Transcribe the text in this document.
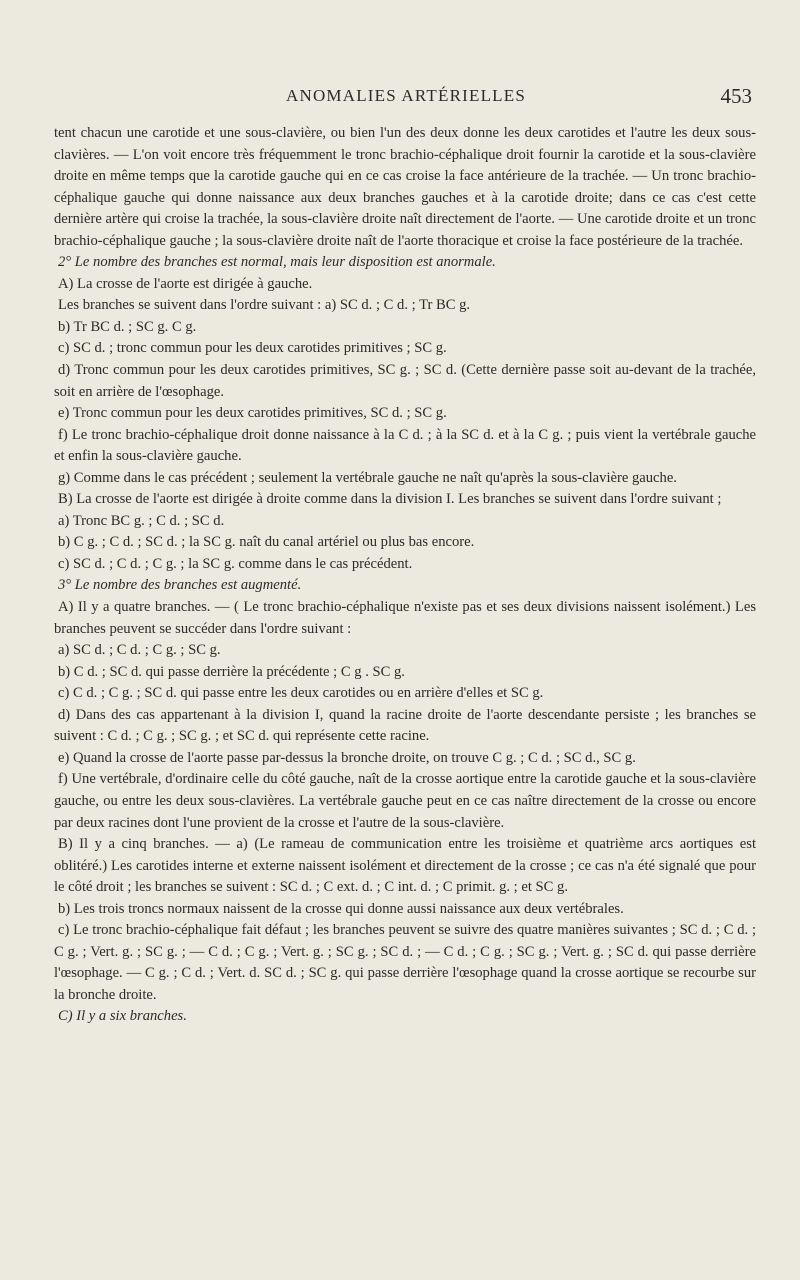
ANOMALIES ARTÉRIELLES	453

tent chacun une carotide et une sous-clavière, ou bien l'un des deux donne les deux carotides et l'autre les deux sous-clavières. — L'on voit encore très fréquemment le tronc brachio-céphalique droit fournir la carotide et la sous-clavière droite en même temps que la carotide gauche qui en ce cas croise la face antérieure de la trachée. — Un tronc brachio-céphalique gauche qui donne naissance aux deux branches gauches et à la carotide droite; dans ce cas c'est cette dernière artère qui croise la trachée, la sous-clavière droite naît directement de l'aorte. — Une carotide droite et un tronc brachio-céphalique gauche ; la sous-clavière droite naît de l'aorte thoracique et croise la face postérieure de la trachée.

2° Le nombre des branches est normal, mais leur disposition est anormale.

A) La crosse de l'aorte est dirigée à gauche.

Les branches se suivent dans l'ordre suivant : a) SC d. ; C d. ; Tr BC g.

b) Tr BC d. ; SC g. C g.

c) SC d. ; tronc commun pour les deux carotides primitives ; SC g.

d) Tronc commun pour les deux carotides primitives, SC g. ; SC d. (Cette dernière passe soit au-devant de la trachée, soit en arrière de l'œsophage.

e) Tronc commun pour les deux carotides primitives, SC d. ; SC g.

f) Le tronc brachio-céphalique droit donne naissance à la C d. ; à la SC d. et à la C g. ; puis vient la vertébrale gauche et enfin la sous-clavière gauche.

g) Comme dans le cas précédent ; seulement la vertébrale gauche ne naît qu'après la sous-clavière gauche.

B) La crosse de l'aorte est dirigée à droite comme dans la division I. Les branches se suivent dans l'ordre suivant ;

a) Tronc BC g. ; C d. ; SC d.

b) C g. ; C d. ; SC d. ; la SC g. naît du canal artériel ou plus bas encore.

c) SC d. ; C d. ; C g. ; la SC g. comme dans le cas précédent.

3° Le nombre des branches est augmenté.

A) Il y a quatre branches. — ( Le tronc brachio-céphalique n'existe pas et ses deux divisions naissent isolément.) Les branches peuvent se succéder dans l'ordre suivant :

a) SC d. ; C d. ; C g. ; SC g.

b) C d. ; SC d. qui passe derrière la précédente ; C g . SC g.

c) C d. ; C g. ; SC d. qui passe entre les deux carotides ou en arrière d'elles et SC g.

d) Dans des cas appartenant à la division I, quand la racine droite de l'aorte descendante persiste ; les branches se suivent : C d. ; C g. ; SC g. ; et SC d. qui représente cette racine.

e) Quand la crosse de l'aorte passe par-dessus la bronche droite, on trouve C g. ; C d. ; SC d., SC g.

f) Une vertébrale, d'ordinaire celle du côté gauche, naît de la crosse aortique entre la carotide gauche et la sous-clavière gauche, ou entre les deux sous-clavières. La vertébrale gauche peut en ce cas naître directement de la crosse ou encore par deux racines dont l'une provient de la crosse et l'autre de la sous-clavière.

B) Il y a cinq branches. — a) (Le rameau de communication entre les troisième et quatrième arcs aortiques est oblitéré.) Les carotides interne et externe naissent isolément et directement de la crosse ; ce cas n'a été signalé que pour le côté droit ; les branches se suivent : SC d. ; C ext. d. ; C int. d. ; C primit. g. ; et SC g.

b) Les trois troncs normaux naissent de la crosse qui donne aussi naissance aux deux vertébrales.

c) Le tronc brachio-céphalique fait défaut ; les branches peuvent se suivre des quatre manières suivantes ; SC d. ; C d. ; C g. ; Vert. g. ; SC g. ; — C d. ; C g. ; Vert. g. ; SC g. ; SC d. ; — C d. ; C g. ; SC g. ; Vert. g. ; SC d. qui passe derrière l'œsophage. — C g. ; C d. ; Vert. d. SC d. ; SC g. qui passe derrière l'œsophage quand la crosse aortique se recourbe sur la bronche droite.

C) Il y a six branches.
